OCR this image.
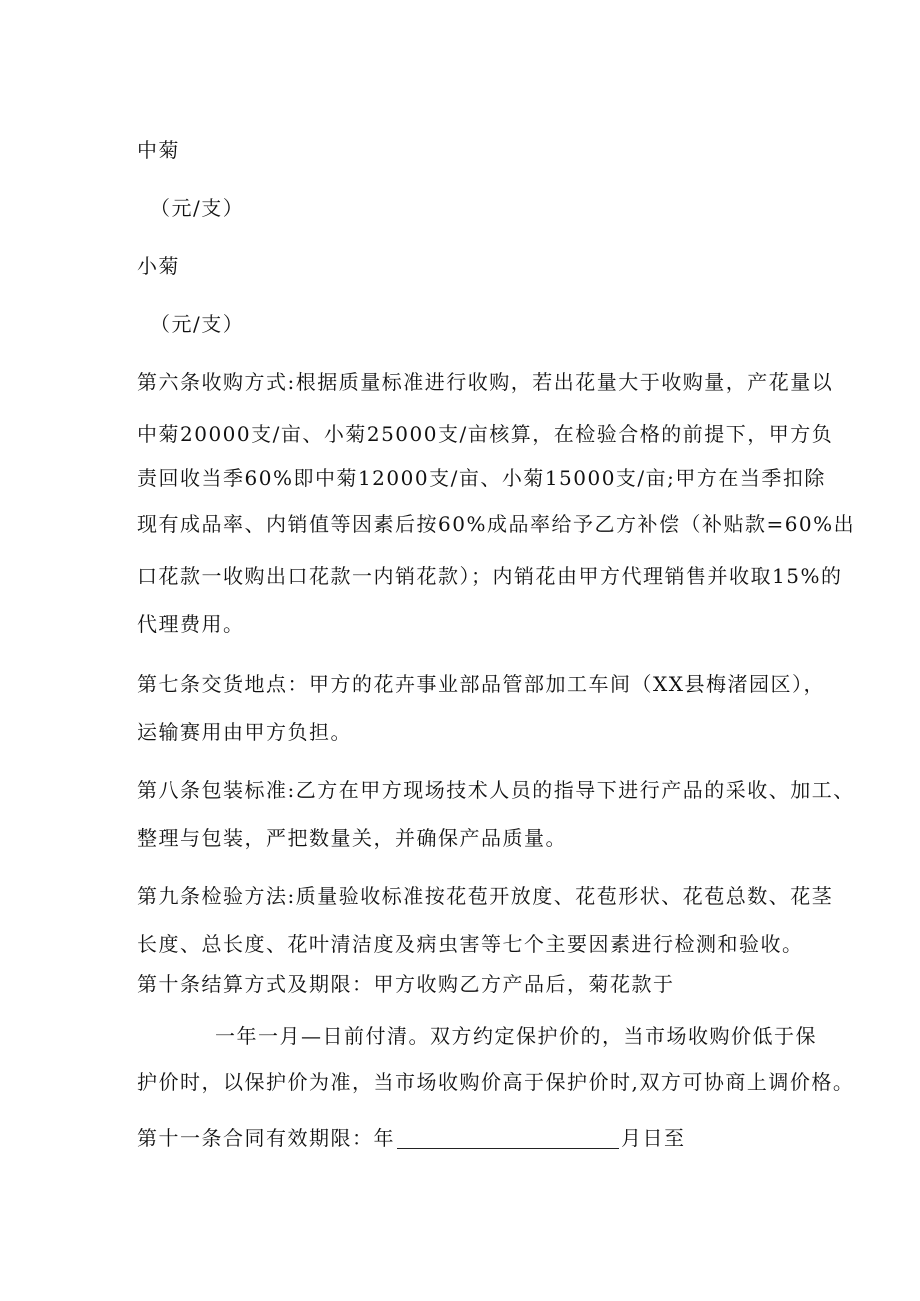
中菊
（元/支）
小菊
（元/支）
第六条收购方式:根据质量标准进行收购，若出花量大于收购量，产花量以
中菊20000支/亩、小菊25000支/亩核算，在检验合格的前提下，甲方负
责回收当季60%即中菊12000支/亩、小菊15000支/亩;甲方在当季扣除
现有成品率、内销值等因素后按60%成品率给予乙方补偿（补贴款=60%出
口花款一收购出口花款一内销花款）；内销花由甲方代理销售并收取15%的
代理费用。
第七条交货地点：甲方的花卉事业部品管部加工车间（XX县梅渚园区），
运输赛用由甲方负担。
第八条包装标准:乙方在甲方现场技术人员的指导下进行产品的采收、加工、
整理与包装，严把数量关，并确保产品质量。
第九条检验方法:质量验收标准按花苞开放度、花苞形状、花苞总数、花茎
长度、总长度、花叶清洁度及病虫害等七个主要因素进行检测和验收。
第十条结算方式及期限：甲方收购乙方产品后，菊花款于
一年一月—日前付清。双方约定保护价的，当市场收购价低于保
护价时，以保护价为准，当市场收购价高于保护价时,双方可协商上调价格。
第十一条合同有效期限：年	月日至
